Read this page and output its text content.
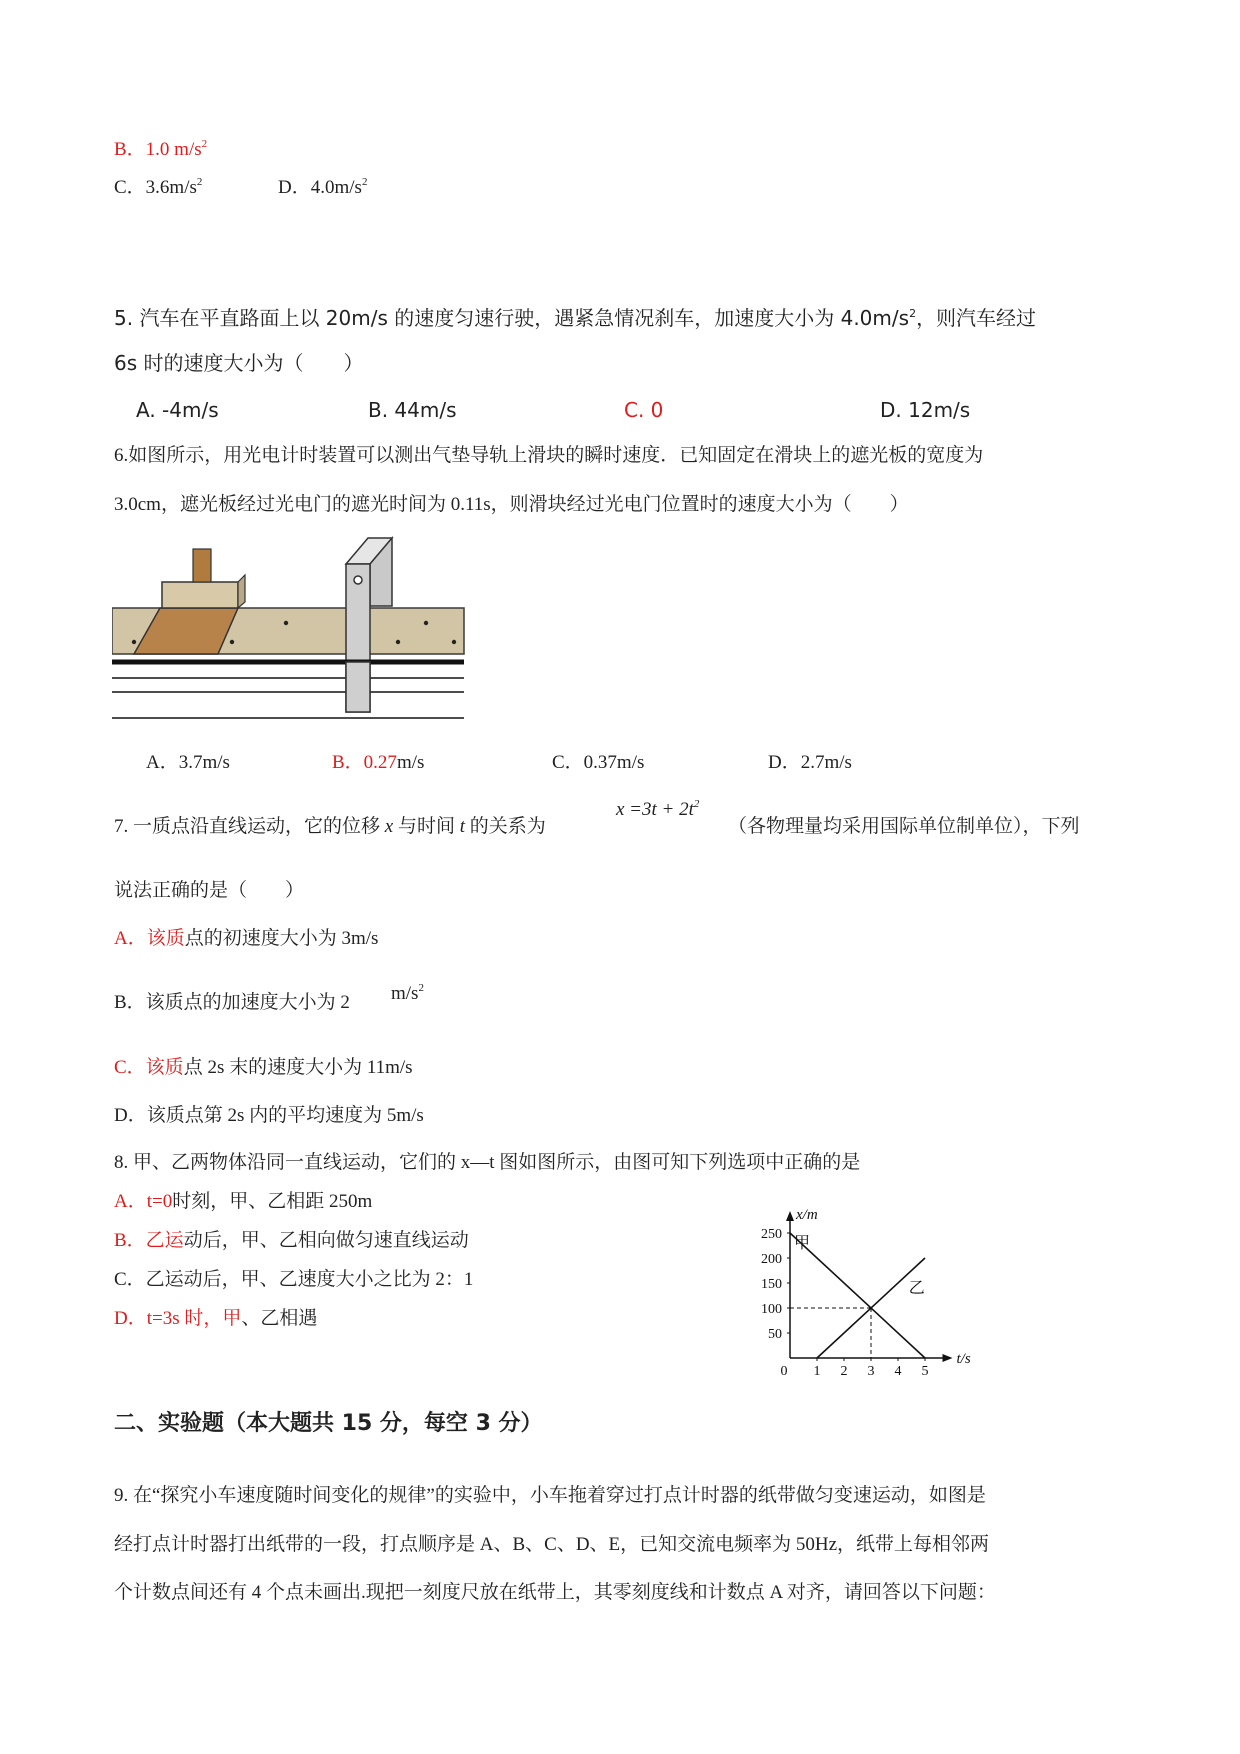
B．1.0 $m/s^2$
C．$3.6m/s^2$	D．$4.0m/s^2$
5. 汽车在平直路面上以 20m/s 的速度匀速行驶，遇紧急情况刹车，加速度大小为 $4.0m/s^2$，则汽车经过
6s 时的速度大小为（　　）
A. -4m/s	B. 44m/s	C. 0	D. 12m/s
6.如图所示，用光电计时装置可以测出气垫导轨上滑块的瞬时速度．已知固定在滑块上的遮光板的宽度为
3.0cm，遮光板经过光电门的遮光时间为 0.11s，则滑块经过光电门位置时的速度大小为（　　）
A．3.7m/s	B．0.27m/s	C．0.37m/s	D．2.7m/s
7. 一质点沿直线运动，它的位移 x 与时间 t 的关系为
$x =3t + 2t^2$
（各物理量均采用国际单位制单位），下列
说法正确的是（　　）
A．该质点的初速度大小为 3m/s
B．该质点的加速度大小为 2 $m/s^2$
C．该质点 2s 末的速度大小为 11m/s
D．该质点第 2s 内的平均速度为 5m/s
8. 甲、乙两物体沿同一直线运动，它们的 x—t 图如图所示，由图可知下列选项中正确的是
A．t=0时刻，甲、乙相距 250m
B．乙运动后，甲、乙相向做匀速直线运动
C．乙运动后，甲、乙速度大小之比为 2：1
D．t=3s 时，甲、乙相遇
t/s
x/m
50
100
150
200
250
0 1 2 3 4 5
甲
乙
二、实验题（本大题共 15 分，每空 3 分）
9. 在“探究小车速度随时间变化的规律”的实验中，小车拖着穿过打点计时器的纸带做匀变速运动，如图是
经打点计时器打出纸带的一段，打点顺序是 A、B、C、D、E，已知交流电频率为 50Hz，纸带上每相邻两
个计数点间还有 4 个点未画出.现把一刻度尺放在纸带上，其零刻度线和计数点 A 对齐，请回答以下问题：
